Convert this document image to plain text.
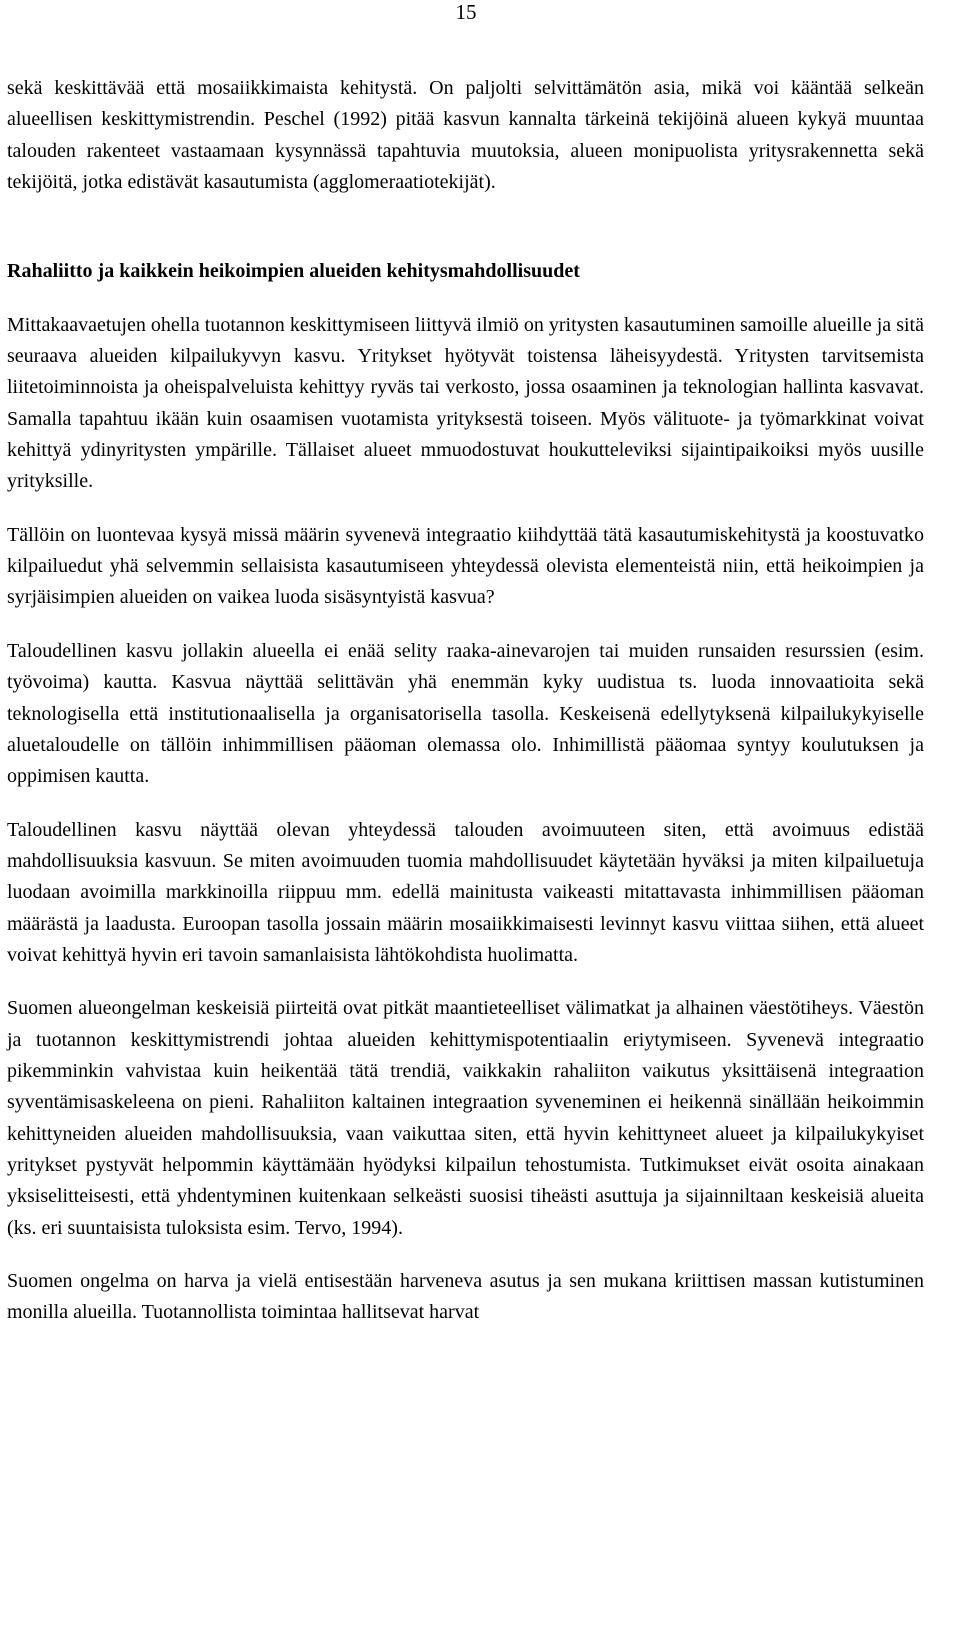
15

sekä keskittävää että mosaiikkimaista kehitystä. On paljolti selvittämätön asia, mikä voi kääntää selkeän alueellisen keskittymistrendin. Peschel (1992) pitää kasvun kannalta tärkeinä tekijöinä alueen kykyä muuntaa talouden rakenteet vastaamaan kysynnässä tapahtuvia muutoksia, alueen monipuolista yritysrakennetta sekä tekijöitä, jotka edistävät kasautumista (agglomeraatiotekijät).

Rahaliitto ja kaikkein heikoimpien alueiden kehitysmahdollisuudet

Mittakaavaetujen ohella tuotannon keskittymiseen liittyvä ilmiö on yritysten kasautuminen samoille alueille ja sitä seuraava alueiden kilpailukyvyn kasvu. Yritykset hyötyvät toistensa läheisyydestä. Yritysten tarvitsemista liitetoiminnoista ja oheispalveluista kehittyy ryväs tai verkosto, jossa osaaminen ja teknologian hallinta kasvavat. Samalla tapahtuu ikään kuin osaamisen vuotamista yrityksestä toiseen. Myös välituote- ja työmarkkinat voivat kehittyä ydinyritysten ympärille. Tällaiset alueet mmuodostuvat houkutteleviksi sijaintipaikoiksi myös uusille yrityksille.

Tällöin on luontevaa kysyä missä määrin syvenevä integraatio kiihdyttää tätä kasautumiskehitystä ja koostuvatko kilpailuedut yhä selvemmin sellaisista kasautumiseen yhteydessä olevista elementeistä niin, että heikoimpien ja syrjäisimpien alueiden on vaikea luoda sisäsyntyistä kasvua?

Taloudellinen kasvu jollakin alueella ei enää selity raaka-ainevarojen tai muiden runsaiden resurssien (esim. työvoima) kautta. Kasvua näyttää selittävän yhä enemmän kyky uudistua ts. luoda innovaatioita sekä teknologisella että institutionaalisella ja organisatorisella tasolla. Keskeisenä edellytyksenä kilpailukykyiselle aluetaloudelle on tällöin inhimmillisen pääoman olemassa olo. Inhimillistä pääomaa syntyy koulutuksen ja oppimisen kautta.

Taloudellinen kasvu näyttää olevan yhteydessä talouden avoimuuteen siten, että avoimuus edistää mahdollisuuksia kasvuun. Se miten avoimuuden tuomia mahdollisuudet käytetään hyväksi ja miten kilpailuetuja luodaan avoimilla markkinoilla riippuu mm. edellä mainitusta vaikeasti mitattavasta inhimmillisen pääoman määrästä ja laadusta. Euroopan tasolla jossain määrin mosaiikkimaisesti levinnyt kasvu viittaa siihen, että alueet voivat kehittyä hyvin eri tavoin samanlaisista lähtökohdista huolimatta.

Suomen alueongelman keskeisiä piirteitä ovat pitkät maantieteelliset välimatkat ja alhainen väestötiheys. Väestön ja tuotannon keskittymistrendi johtaa alueiden kehittymispotentiaalin eriytymiseen. Syvenevä integraatio pikemminkin vahvistaa kuin heikentää tätä trendiä, vaikkakin rahaliiton vaikutus yksittäisenä integraation syventämisaskeleena on pieni. Rahaliiton kaltainen integraation syveneminen ei heikennä sinällään heikoimmin kehittyneiden alueiden mahdollisuuksia, vaan vaikuttaa siten, että hyvin kehittyneet alueet ja kilpailukykyiset yritykset pystyvät helpommin käyttämään hyödyksi kilpailun tehostumista. Tutkimukset eivät osoita ainakaan yksiselitteisesti, että yhdentyminen kuitenkaan selkeästi suosisi tiheästi asuttuja ja sijainniltaan keskeisiä alueita (ks. eri suuntaisista tuloksista esim. Tervo, 1994).

Suomen ongelma on harva ja vielä entisestään harveneva asutus ja sen mukana kriittisen massan kutistuminen monilla alueilla. Tuotannollista toimintaa hallitsevat harvat
